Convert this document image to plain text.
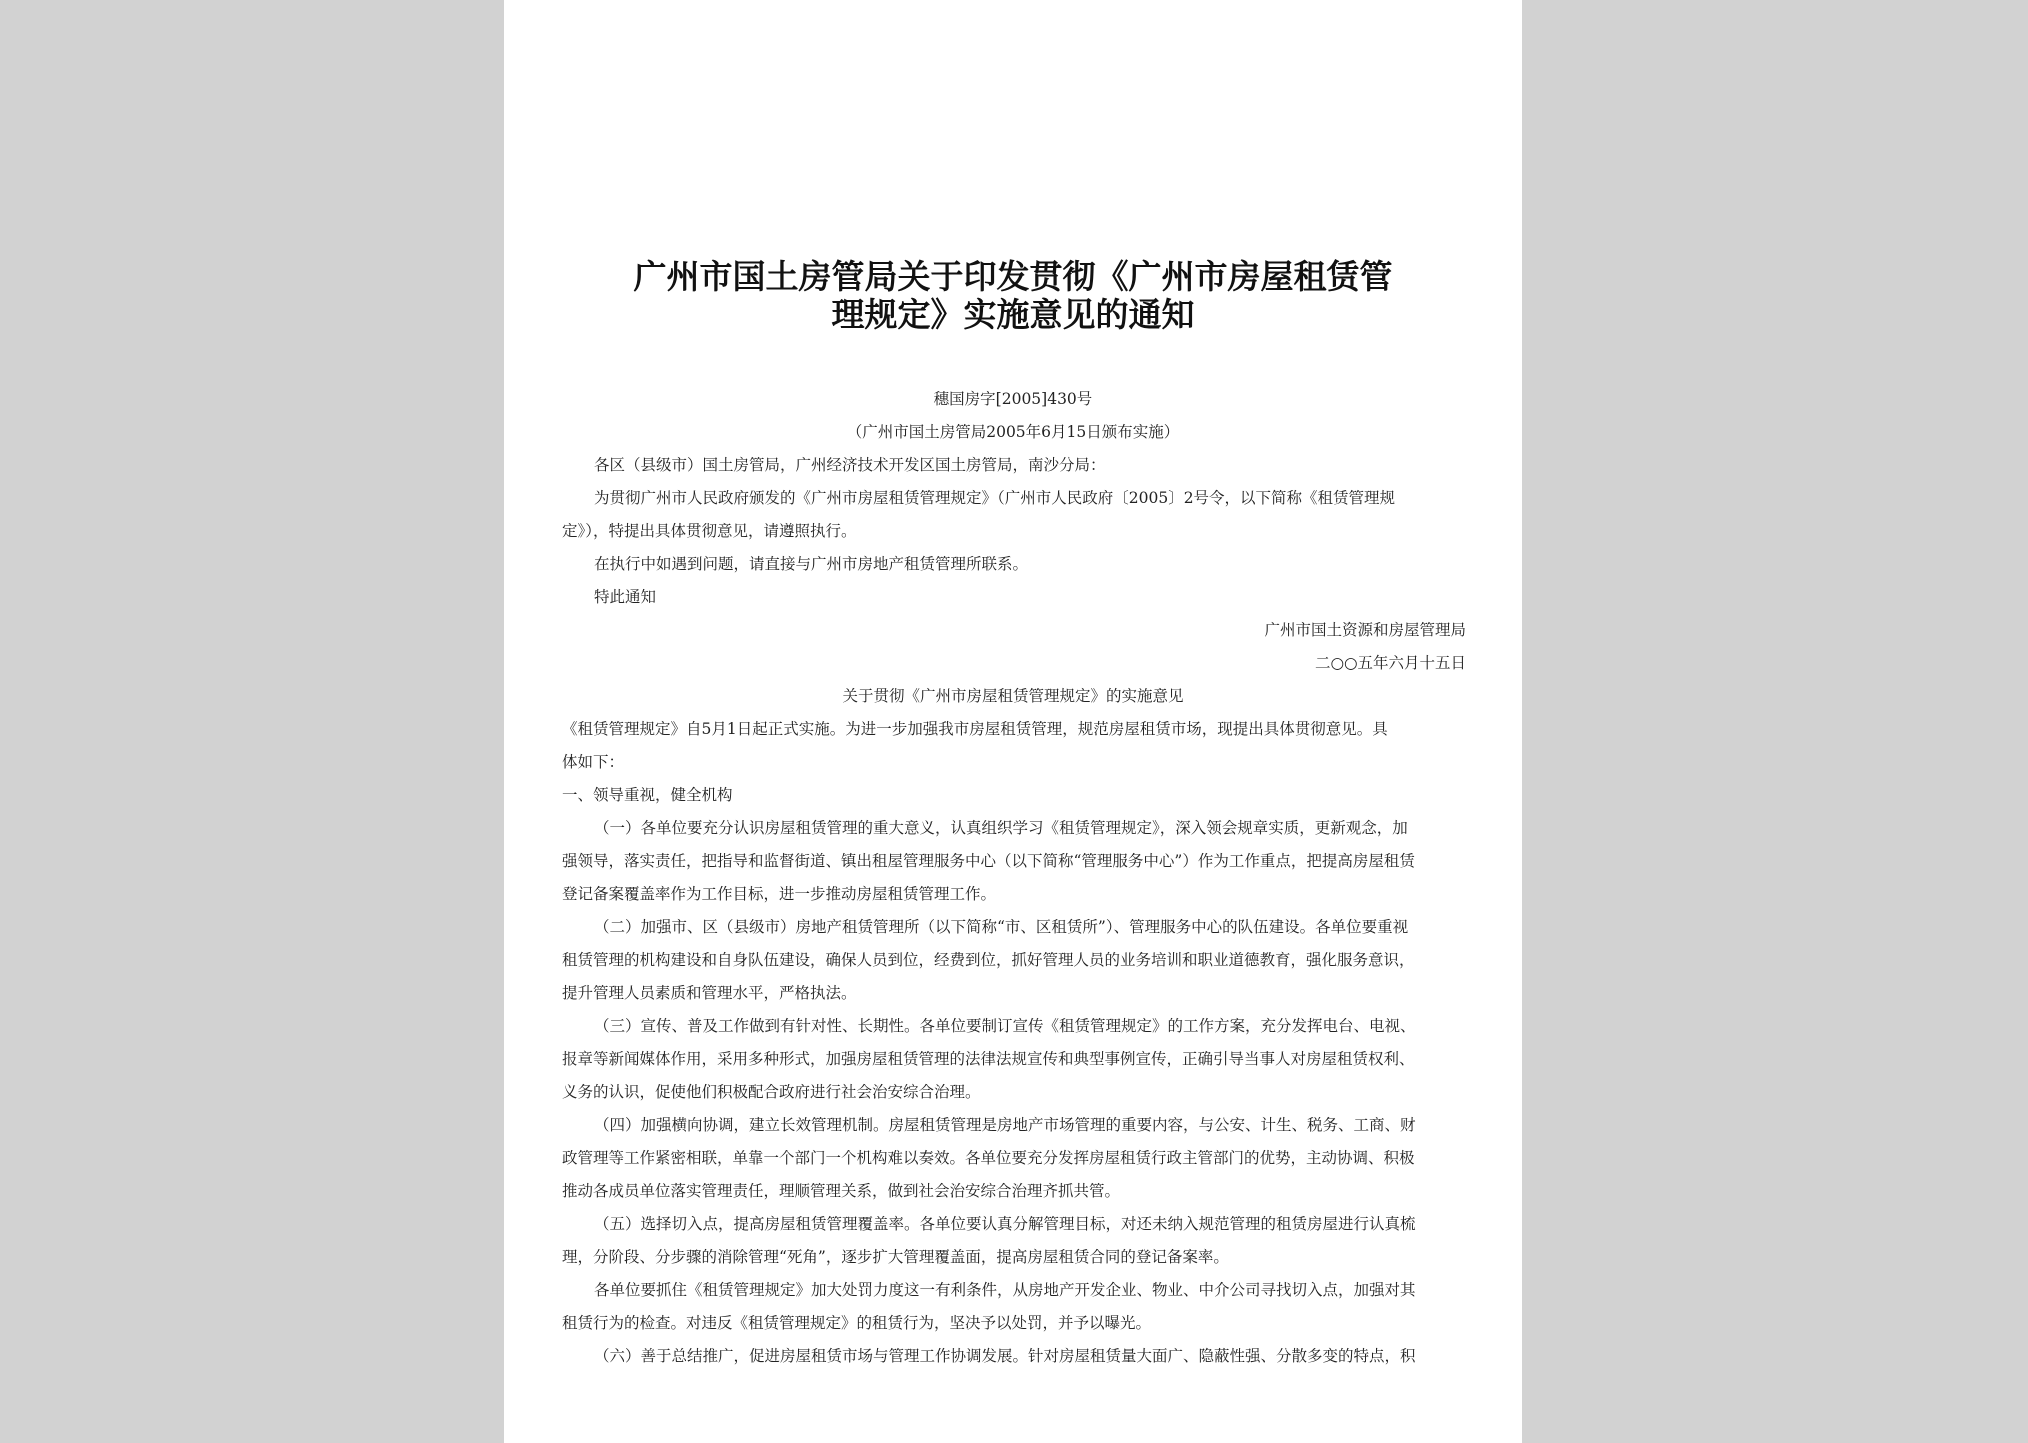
广州市国土房管局关于印发贯彻《广州市房屋租赁管
理规定》实施意见的通知
穗国房字[2005]430号
（广州市国土房管局2005年6月15日颁布实施）
各区（县级市）国土房管局，广州经济技术开发区国土房管局，南沙分局：
为贯彻广州市人民政府颁发的《广州市房屋租赁管理规定》（广州市人民政府〔2005〕2号令，以下简称《租赁管理规
定》），特提出具体贯彻意见，请遵照执行。
在执行中如遇到问题，请直接与广州市房地产租赁管理所联系。
特此通知
广州市国土资源和房屋管理局
二○○五年六月十五日
关于贯彻《广州市房屋租赁管理规定》的实施意见
《租赁管理规定》自5月1日起正式实施。为进一步加强我市房屋租赁管理，规范房屋租赁市场，现提出具体贯彻意见。具
体如下：
一、领导重视，健全机构
（一）各单位要充分认识房屋租赁管理的重大意义，认真组织学习《租赁管理规定》，深入领会规章实质，更新观念，加
强领导，落实责任，把指导和监督街道、镇出租屋管理服务中心（以下简称“管理服务中心”）作为工作重点，把提高房屋租赁
登记备案覆盖率作为工作目标，进一步推动房屋租赁管理工作。
（二）加强市、区（县级市）房地产租赁管理所（以下简称“市、区租赁所”）、管理服务中心的队伍建设。各单位要重视
租赁管理的机构建设和自身队伍建设，确保人员到位，经费到位，抓好管理人员的业务培训和职业道德教育，强化服务意识，
提升管理人员素质和管理水平，严格执法。
（三）宣传、普及工作做到有针对性、长期性。各单位要制订宣传《租赁管理规定》的工作方案，充分发挥电台、电视、
报章等新闻媒体作用，采用多种形式，加强房屋租赁管理的法律法规宣传和典型事例宣传，正确引导当事人对房屋租赁权利、
义务的认识，促使他们积极配合政府进行社会治安综合治理。
（四）加强横向协调，建立长效管理机制。房屋租赁管理是房地产市场管理的重要内容，与公安、计生、税务、工商、财
政管理等工作紧密相联，单靠一个部门一个机构难以奏效。各单位要充分发挥房屋租赁行政主管部门的优势，主动协调、积极
推动各成员单位落实管理责任，理顺管理关系，做到社会治安综合治理齐抓共管。
（五）选择切入点，提高房屋租赁管理覆盖率。各单位要认真分解管理目标，对还未纳入规范管理的租赁房屋进行认真梳
理，分阶段、分步骤的消除管理“死角”，逐步扩大管理覆盖面，提高房屋租赁合同的登记备案率。
各单位要抓住《租赁管理规定》加大处罚力度这一有利条件，从房地产开发企业、物业、中介公司寻找切入点，加强对其
租赁行为的检查。对违反《租赁管理规定》的租赁行为，坚决予以处罚，并予以曝光。
（六）善于总结推广，促进房屋租赁市场与管理工作协调发展。针对房屋租赁量大面广、隐蔽性强、分散多变的特点，积
